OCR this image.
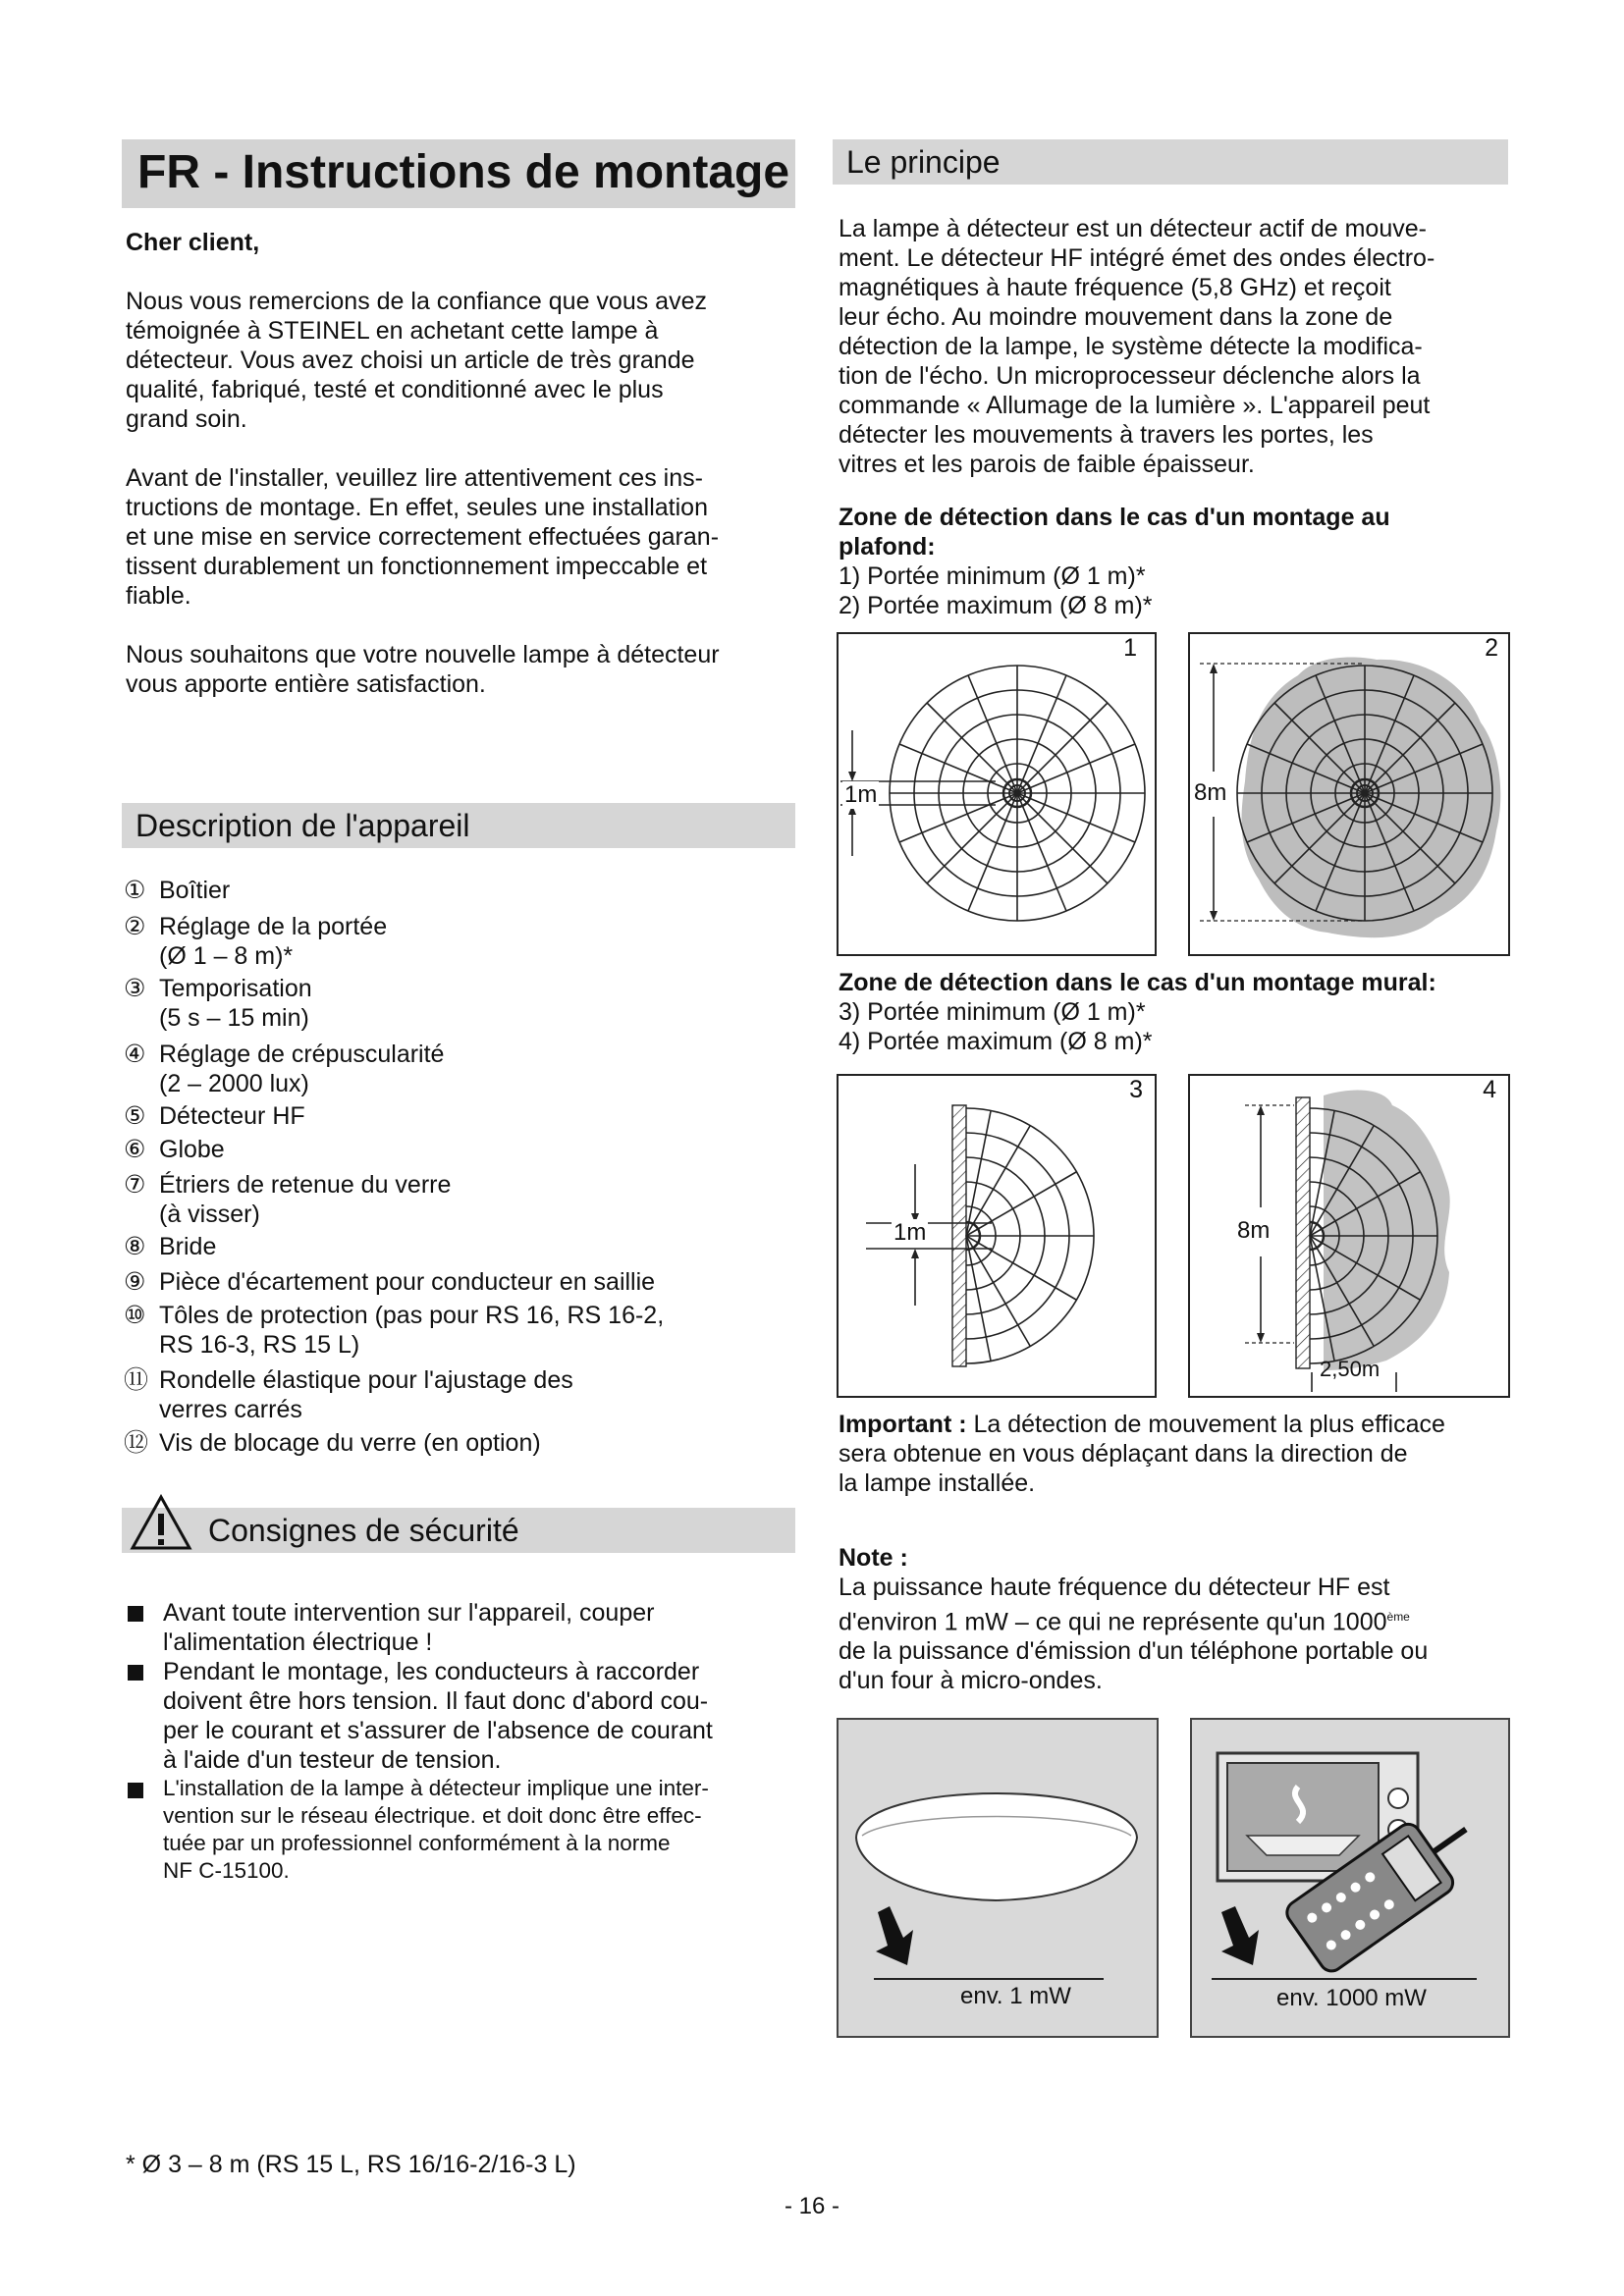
FR - Instructions de montage
Cher client,
Nous vous remercions de la confiance que vous avez
témoignée à STEINEL en achetant cette lampe à
détecteur. Vous avez choisi un article de très grande
qualité, fabriqué, testé et conditionné avec le plus
grand soin.
Avant de l'installer, veuillez lire attentivement ces ins-
tructions de montage. En effet, seules une installation
et une mise en service correctement effectuées garan-
tissent durablement un fonctionnement impeccable et
fiable.
Nous souhaitons que votre nouvelle lampe à détecteur
vous apporte entière satisfaction.
Description de l'appareil
① Boîtier
② Réglage de la portée
(Ø 1 – 8 m)*
③ Temporisation
(5 s – 15 min)
④ Réglage de crépuscularité
(2 – 2000 lux)
⑤ Détecteur HF
⑥ Globe
⑦ Étriers de retenue du verre
(à visser)
⑧ Bride
⑨ Pièce d'écartement pour conducteur en saillie
⑩ Tôles de protection (pas pour RS 16, RS 16-2,
RS 16-3, RS 15 L)
⑪ Rondelle élastique pour l'ajustage des
verres carrés
⑫ Vis de blocage du verre (en option)
Consignes de sécurité
Avant toute intervention sur l'appareil, couper
l'alimentation électrique !
Pendant le montage, les conducteurs à raccorder
doivent être hors tension. Il faut donc d'abord cou-
per le courant et s'assurer de l'absence de courant
à l'aide d'un testeur de tension.
L'installation de la lampe à détecteur implique une inter-
vention sur le réseau électrique. et doit donc être effec-
tuée par un professionnel conformément à la norme
NF C-15100.
Le principe
La lampe à détecteur est un détecteur actif de mouve-
ment. Le détecteur HF intégré émet des ondes électro-
magnétiques à haute fréquence (5,8 GHz) et reçoit
leur écho. Au moindre mouvement dans la zone de
détection de la lampe, le système détecte la modifica-
tion de l'écho. Un microprocesseur déclenche alors la
commande « Allumage de la lumière ». L'appareil peut
détecter les mouvements à travers les portes, les
vitres et les parois de faible épaisseur.
Zone de détection dans le cas d'un montage au
plafond:
1) Portée minimum (Ø 1 m)*
2) Portée maximum (Ø 8 m)*
1
1m
2
8m
Zone de détection dans le cas d'un montage mural:
3) Portée minimum (Ø 1 m)*
4) Portée maximum (Ø 8 m)*
3
1m
4
8m
2,50m
Important : La détection de mouvement la plus efficace
sera obtenue en vous déplaçant dans la direction de
la lampe installée.
Note :
La puissance haute fréquence du détecteur HF est
d'environ 1 mW – ce qui ne représente qu'un 1000ème
de la puissance d'émission d'un téléphone portable ou
d'un four à micro-ondes.
env. 1 mW	env. 1000 mW
* Ø 3 – 8 m (RS 15 L, RS 16/16-2/16-3 L)
- 16 -
